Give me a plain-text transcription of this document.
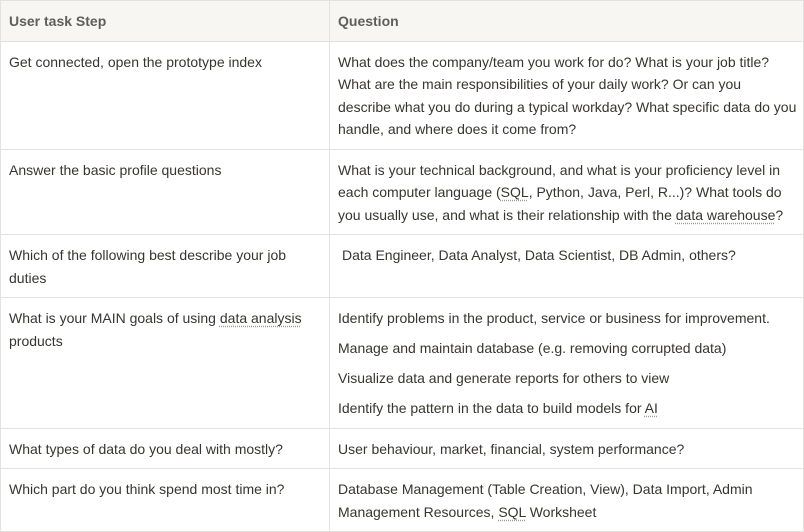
User task Step	Question
Get connected, open the prototype index	What does the company/team you work for do? What is your job title? What are the main responsibilities of your daily work? Or can you describe what you do during a typical workday? What specific data do you handle, and where does it come from?
Answer the basic profile questions	What is your technical background, and what is your proficiency level in each computer language (SQL, Python, Java, Perl, R...)? What tools do you usually use, and what is their relationship with the data warehouse?
Which of the following best describe your job duties	Data Engineer, Data Analyst, Data Scientist, DB Admin, others?
What is your MAIN goals of using data analysis products	Identify problems in the product, service or business for improvement.
Manage and maintain database (e.g. removing corrupted data)
Visualize data and generate reports for others to view
Identify the pattern in the data to build models for AI

What types of data do you deal with mostly?	User behaviour, market, financial, system performance?
Which part do you think spend most time in?	Database Management (Table Creation, View), Data Import, Admin Management Resources, SQL Worksheet
